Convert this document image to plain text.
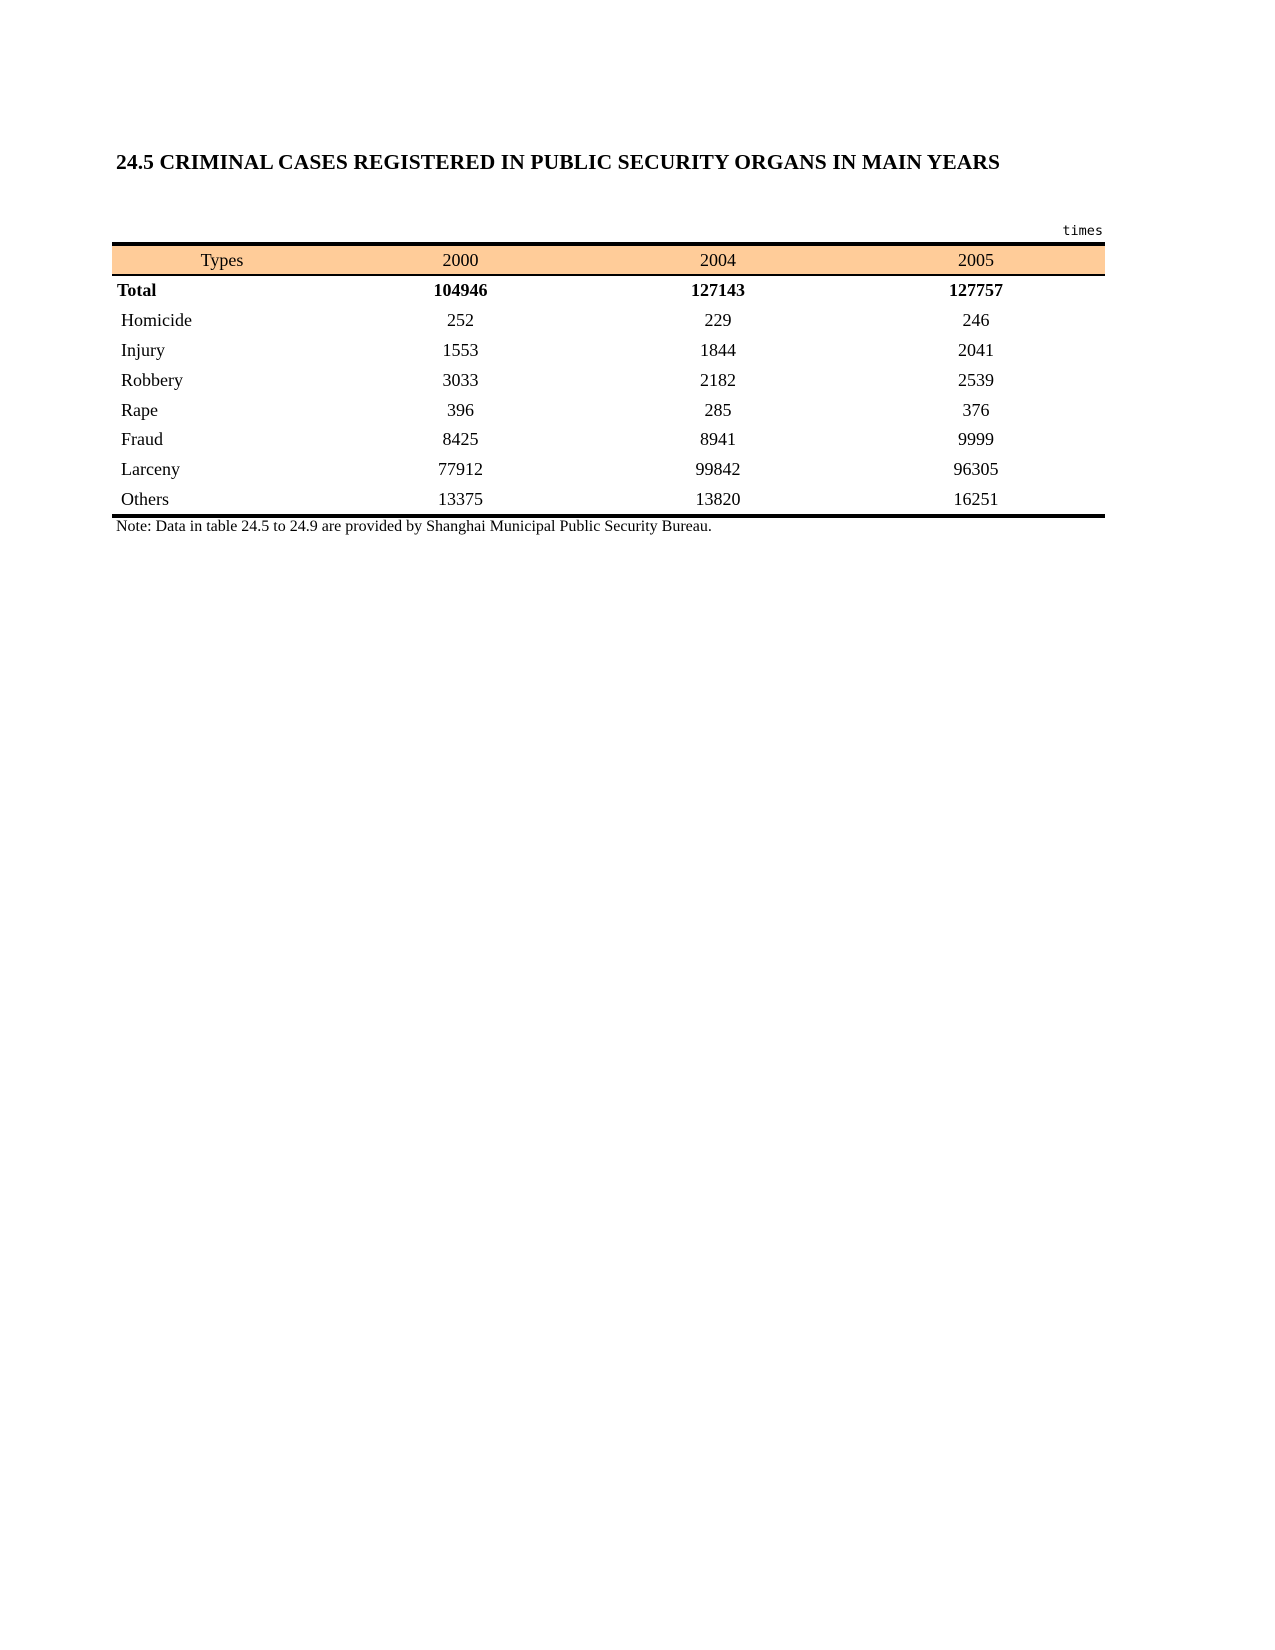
24.5 CRIMINAL CASES REGISTERED IN PUBLIC SECURITY ORGANS IN MAIN YEARS
times
Types	2000	2004	2005
Total	104946	127143	127757
Homicide	252	229	246
Injury	1553	1844	2041
Robbery	3033	2182	2539
Rape	396	285	376
Fraud	8425	8941	9999
Larceny	77912	99842	96305
Others	13375	13820	16251
Note: Data in table 24.5 to 24.9 are provided by Shanghai Municipal Public Security Bureau.
